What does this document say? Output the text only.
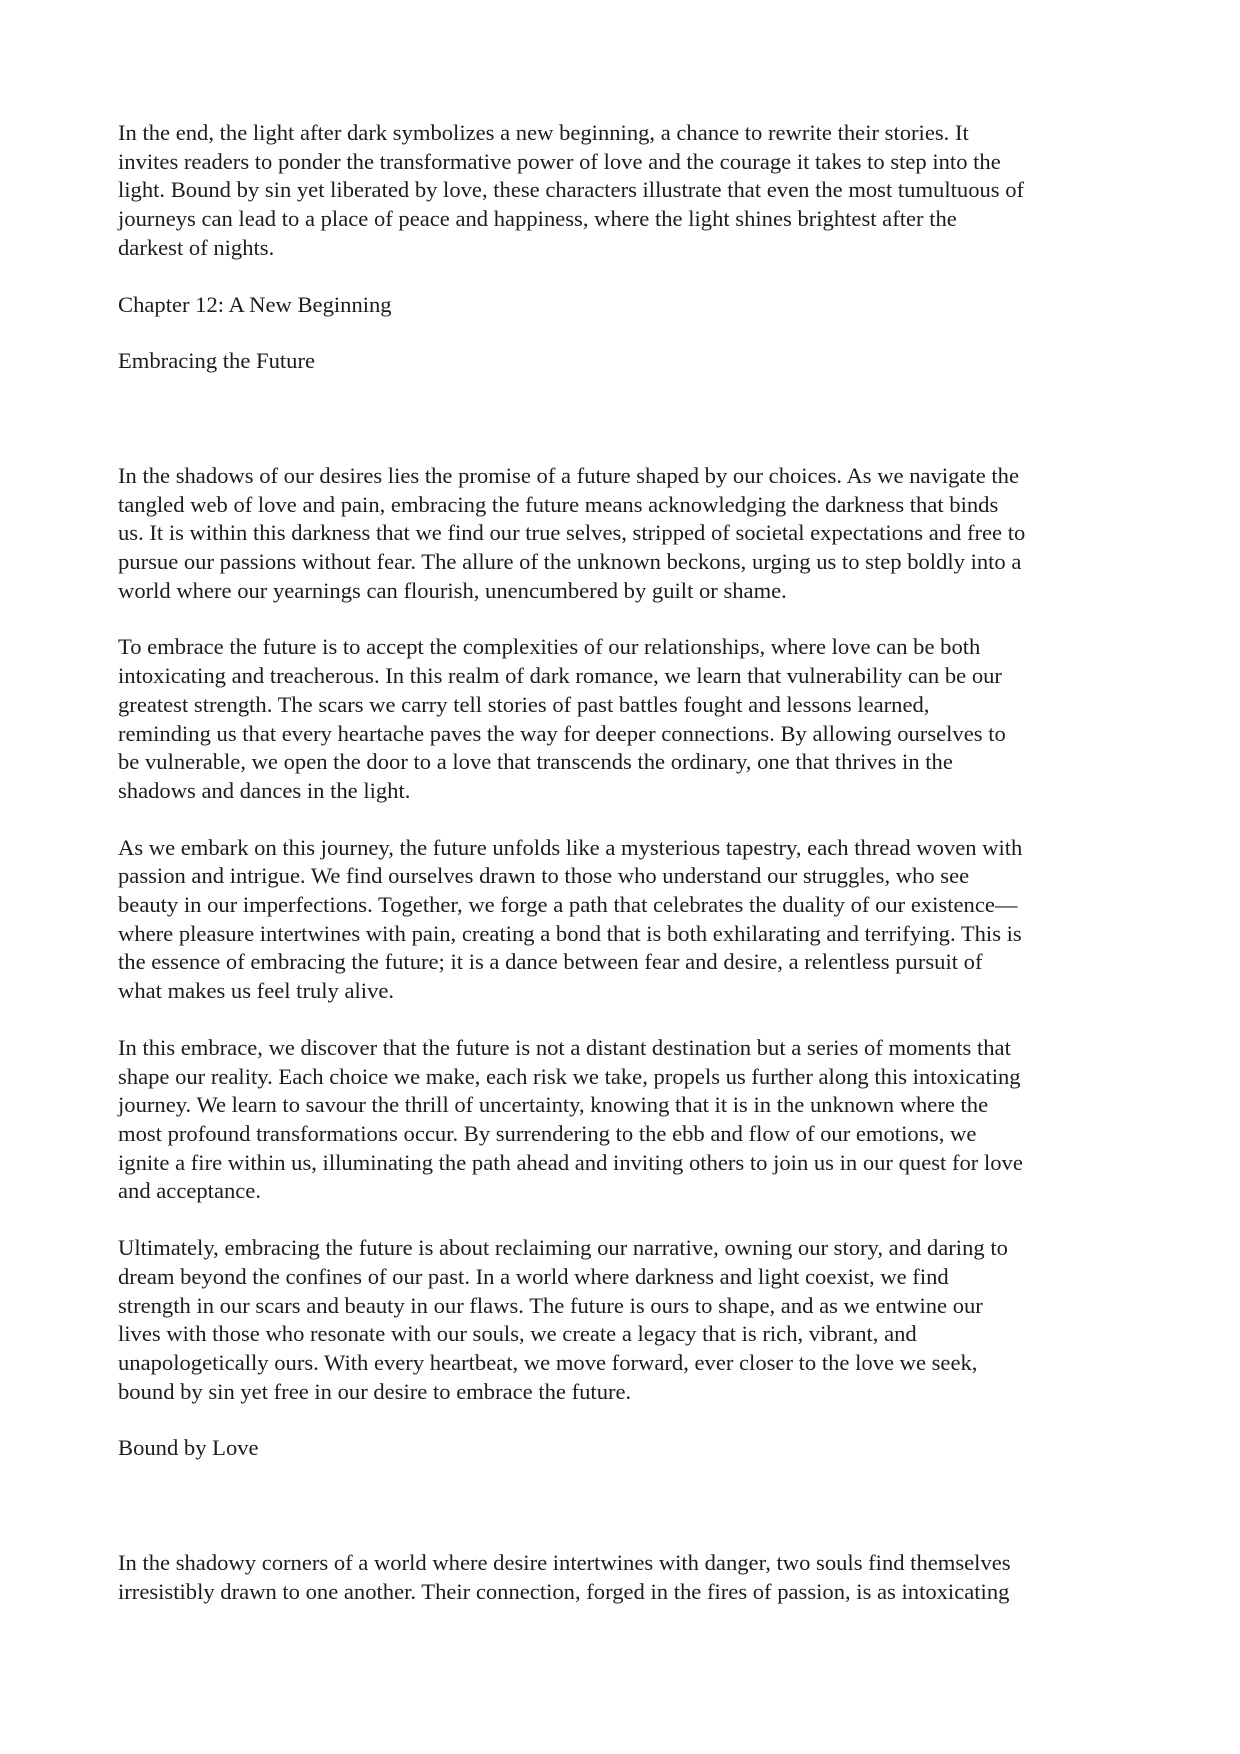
In the end, the light after dark symbolizes a new beginning, a chance to rewrite their stories. It
invites readers to ponder the transformative power of love and the courage it takes to step into the
light. Bound by sin yet liberated by love, these characters illustrate that even the most tumultuous of
journeys can lead to a place of peace and happiness, where the light shines brightest after the
darkest of nights.

Chapter 12: A New Beginning

Embracing the Future

In the shadows of our desires lies the promise of a future shaped by our choices. As we navigate the
tangled web of love and pain, embracing the future means acknowledging the darkness that binds
us. It is within this darkness that we find our true selves, stripped of societal expectations and free to
pursue our passions without fear. The allure of the unknown beckons, urging us to step boldly into a
world where our yearnings can flourish, unencumbered by guilt or shame.

To embrace the future is to accept the complexities of our relationships, where love can be both
intoxicating and treacherous. In this realm of dark romance, we learn that vulnerability can be our
greatest strength. The scars we carry tell stories of past battles fought and lessons learned,
reminding us that every heartache paves the way for deeper connections. By allowing ourselves to
be vulnerable, we open the door to a love that transcends the ordinary, one that thrives in the
shadows and dances in the light.

As we embark on this journey, the future unfolds like a mysterious tapestry, each thread woven with
passion and intrigue. We find ourselves drawn to those who understand our struggles, who see
beauty in our imperfections. Together, we forge a path that celebrates the duality of our existence—
where pleasure intertwines with pain, creating a bond that is both exhilarating and terrifying. This is
the essence of embracing the future; it is a dance between fear and desire, a relentless pursuit of
what makes us feel truly alive.

In this embrace, we discover that the future is not a distant destination but a series of moments that
shape our reality. Each choice we make, each risk we take, propels us further along this intoxicating
journey. We learn to savour the thrill of uncertainty, knowing that it is in the unknown where the
most profound transformations occur. By surrendering to the ebb and flow of our emotions, we
ignite a fire within us, illuminating the path ahead and inviting others to join us in our quest for love
and acceptance.

Ultimately, embracing the future is about reclaiming our narrative, owning our story, and daring to
dream beyond the confines of our past. In a world where darkness and light coexist, we find
strength in our scars and beauty in our flaws. The future is ours to shape, and as we entwine our
lives with those who resonate with our souls, we create a legacy that is rich, vibrant, and
unapologetically ours. With every heartbeat, we move forward, ever closer to the love we seek,
bound by sin yet free in our desire to embrace the future.

Bound by Love

In the shadowy corners of a world where desire intertwines with danger, two souls find themselves
irresistibly drawn to one another. Their connection, forged in the fires of passion, is as intoxicating
